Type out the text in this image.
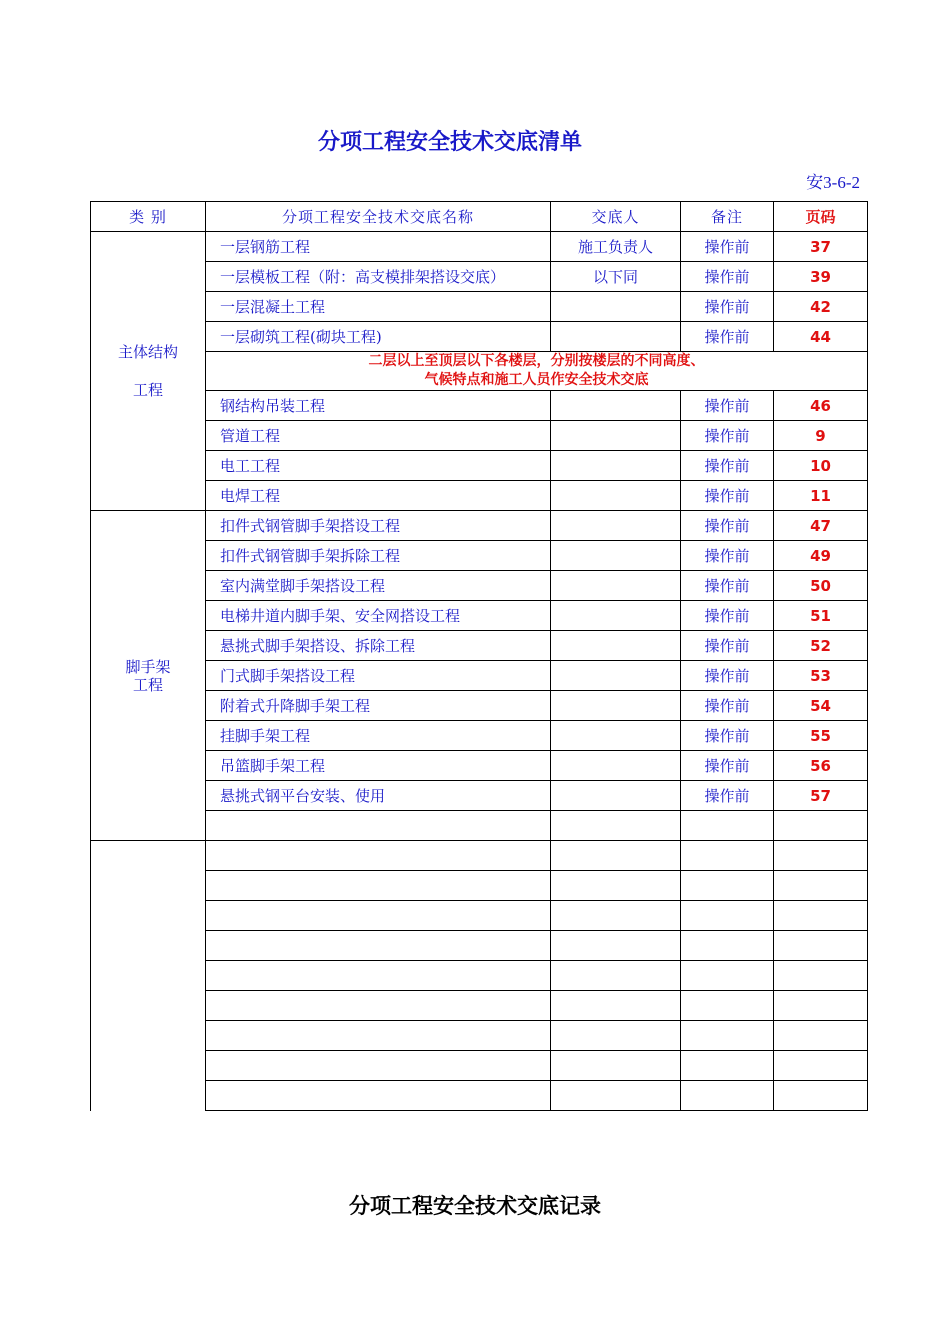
分项工程安全技术交底清单
安3-6-2
类 别	分项工程安全技术交底名称	交底人	备注	页码

主体结构
工程	一层钢筋工程	施工负责人	操作前	37
	一层模板工程（附：高支模排架搭设交底）	以下同	操作前	39
	一层混凝土工程		操作前	42
	一层砌筑工程(砌块工程)		操作前	44

	二层以上至顶层以下各楼层，分别按楼层的不同高度、
气候特点和施工人员作安全技术交底			

	钢结构吊装工程		操作前	46
	管道工程		操作前	9
	电工工程		操作前	10
	电焊工程		操作前	11

脚手架
工程	扣件式钢管脚手架搭设工程		操作前	47
	扣件式钢管脚手架拆除工程		操作前	49
	室内满堂脚手架搭设工程		操作前	50
	电梯井道内脚手架、安全网搭设工程		操作前	51
	悬挑式脚手架搭设、拆除工程		操作前	52
	门式脚手架搭设工程		操作前	53
	附着式升降脚手架工程		操作前	54
	挂脚手架工程		操作前	55
	吊篮脚手架工程		操作前	56
	悬挑式钢平台安装、使用		操作前	57

分项工程安全技术交底记录
